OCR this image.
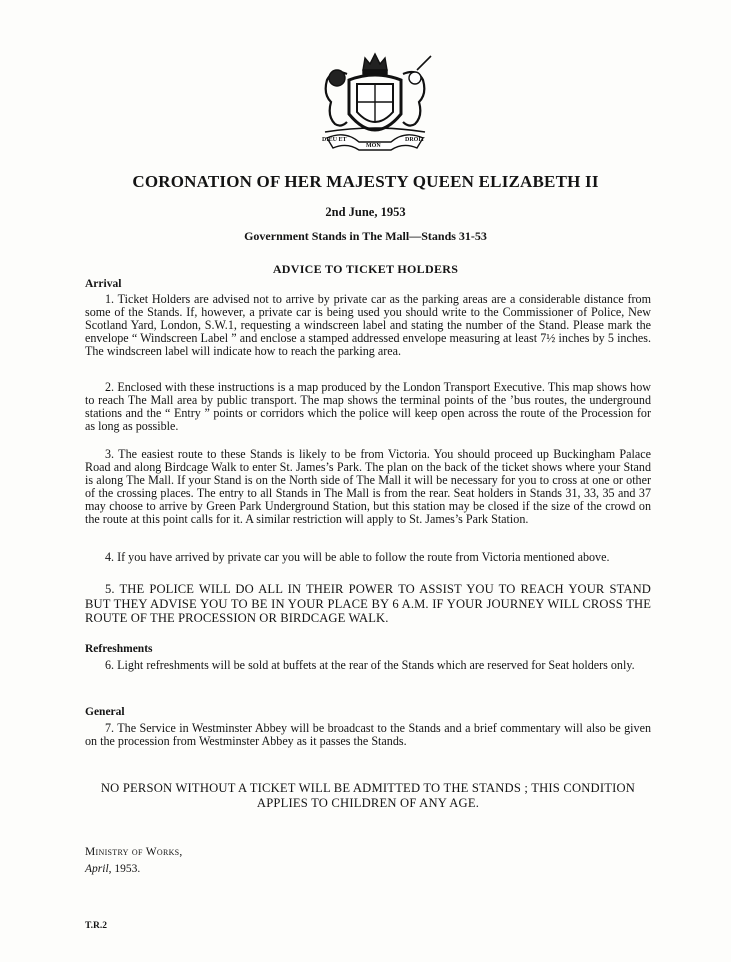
DIEU ET
MON
DROIT
CORONATION OF HER MAJESTY QUEEN ELIZABETH II
2nd June, 1953
Government Stands in The Mall—Stands 31-53
ADVICE TO TICKET HOLDERS
Arrival

1. Ticket Holders are advised not to arrive by private car as the parking areas are a considerable distance from some of the Stands. If, however, a private car is being used you should write to the Commissioner of Police, New Scotland Yard, London, S.W.1, requesting a windscreen label and stating the number of the Stand. Please mark the envelope “ Windscreen Label ” and enclose a stamped addressed envelope measuring at least 7½ inches by 5 inches. The windscreen label will indicate how to reach the parking area.

2. Enclosed with these instructions is a map produced by the London Transport Executive. This map shows how to reach The Mall area by public transport. The map shows the terminal points of the ’bus routes, the underground stations and the “ Entry ” points or corridors which the police will keep open across the route of the Procession for as long as possible.

3. The easiest route to these Stands is likely to be from Victoria. You should proceed up Buckingham Palace Road and along Birdcage Walk to enter St. James’s Park. The plan on the back of the ticket shows where your Stand is along The Mall. If your Stand is on the North side of The Mall it will be necessary for you to cross at one or other of the crossing places. The entry to all Stands in The Mall is from the rear. Seat holders in Stands 31, 33, 35 and 37 may choose to arrive by Green Park Underground Station, but this station may be closed if the size of the crowd on the route at this point calls for it. A similar restriction will apply to St. James’s Park Station.

4. If you have arrived by private car you will be able to follow the route from Victoria mentioned above.

5. THE POLICE WILL DO ALL IN THEIR POWER TO ASSIST YOU TO REACH YOUR STAND BUT THEY ADVISE YOU TO BE IN YOUR PLACE BY 6 A.M. IF YOUR JOURNEY WILL CROSS THE ROUTE OF THE PROCESSION OR BIRDCAGE WALK.

Refreshments

6. Light refreshments will be sold at buffets at the rear of the Stands which are reserved for Seat holders only.

General

7. The Service in Westminster Abbey will be broadcast to the Stands and a brief commentary will also be given on the procession from Westminster Abbey as it passes the Stands.

NO PERSON WITHOUT A TICKET WILL BE ADMITTED TO THE STANDS ; THIS CONDITION APPLIES TO CHILDREN OF ANY AGE.
Ministry of Works,
April, 1953.
T.R.2
